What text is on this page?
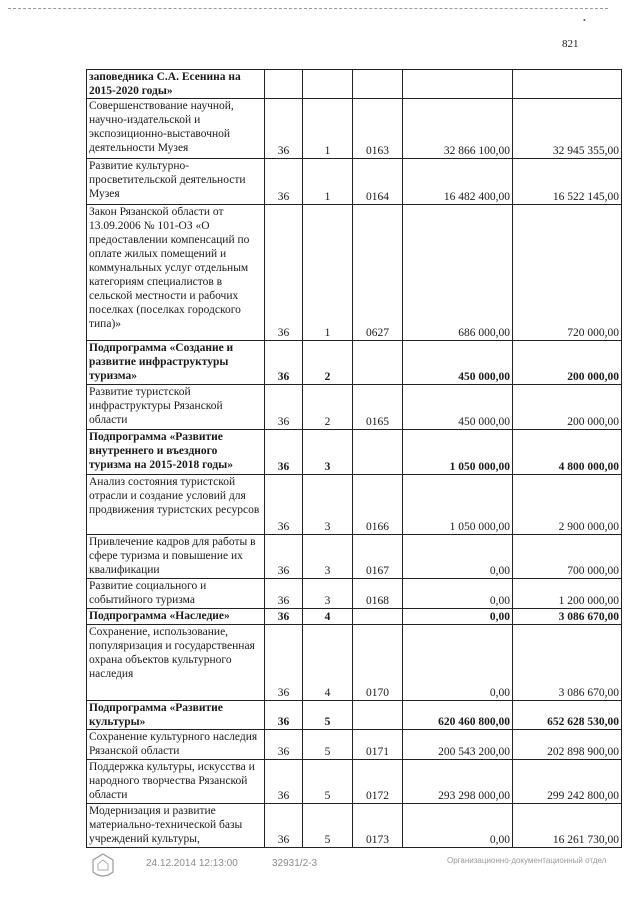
•
821
заповедника С.А. Есенина на 2015-2020 годы»					
Совершенствование научной, научно-издательской и экспозиционно-выставочной деятельности Музея	36	1	0163	32 866 100,00	32 945 355,00
Развитие культурно-просветительской деятельности Музея	36	1	0164	16 482 400,00	16 522 145,00
Закон Рязанской области от 13.09.2006 № 101-ОЗ «О предоставлении компенсаций по оплате жилых помещений и коммунальных услуг отдельным категориям специалистов в сельской местности и рабочих поселках (поселках городского типа)»	36	1	0627	686 000,00	720 000,00
Подпрограмма «Создание и развитие инфраструктуры туризма»	36	2		450 000,00	200 000,00
Развитие туристской инфраструктуры Рязанской области	36	2	0165	450 000,00	200 000,00
Подпрограмма «Развитие внутреннего и въездного туризма на 2015-2018 годы»	36	3		1 050 000,00	4 800 000,00
Анализ состояния туристской отрасли и создание условий для продвижения туристских ресурсов	36	3	0166	1 050 000,00	2 900 000,00
Привлечение кадров для работы в сфере туризма и повышение их квалификации	36	3	0167	0,00	700 000,00
Развитие социального и событийного туризма	36	3	0168	0,00	1 200 000,00
Подпрограмма «Наследие»	36	4		0,00	3 086 670,00
Сохранение, использование, популяризация и государственная охрана объектов культурного наследия	36	4	0170	0,00	3 086 670,00
Подпрограмма «Развитие культуры»	36	5		620 460 800,00	652 628 530,00
Сохранение культурного наследия Рязанской области	36	5	0171	200 543 200,00	202 898 900,00
Поддержка культуры, искусства и народного творчества Рязанской области	36	5	0172	293 298 000,00	299 242 800,00
Модернизация и развитие материально-технической базы учреждений культуры,	36	5	0173	0,00	16 261 730,00
24.12.2014 12:13:00	32931/2-3	Организационно-документационный отдел
